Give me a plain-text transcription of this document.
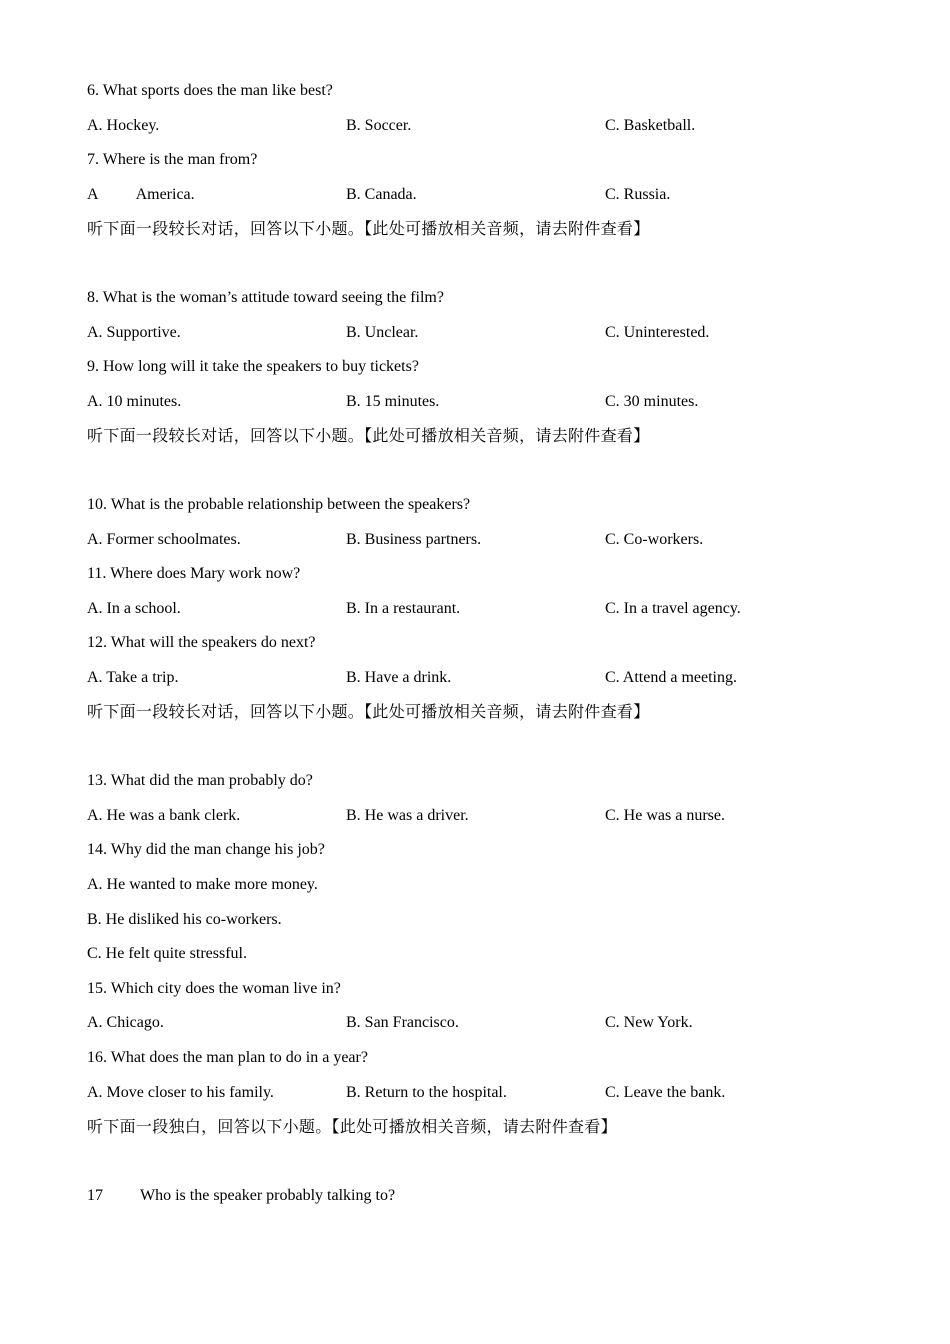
6. What sports does the man like best?
A. Hockey.	B. Soccer.	C. Basketball.
7. Where is the man from?
A America.	B. Canada.	C. Russia.
听下面一段较长对话，回答以下小题。【此处可播放相关音频，请去附件查看】
8. What is the woman’s attitude toward seeing the film?
A. Supportive.	B. Unclear.	C. Uninterested.
9. How long will it take the speakers to buy tickets?
A. 10 minutes.	B. 15 minutes.	C. 30 minutes.
听下面一段较长对话，回答以下小题。【此处可播放相关音频，请去附件查看】
10. What is the probable relationship between the speakers?
A. Former schoolmates.	B. Business partners.	C. Co-workers.
11. Where does Mary work now?
A. In a school.	B. In a restaurant.	C. In a travel agency.
12. What will the speakers do next?
A. Take a trip.	B. Have a drink.	C. Attend a meeting.
听下面一段较长对话，回答以下小题。【此处可播放相关音频，请去附件查看】
13. What did the man probably do?
A. He was a bank clerk.	B. He was a driver.	C. He was a nurse.
14. Why did the man change his job?
A. He wanted to make more money.
B. He disliked his co-workers.
C. He felt quite stressful.
15. Which city does the woman live in?
A. Chicago.	B. San Francisco.	C. New York.
16. What does the man plan to do in a year?
A. Move closer to his family.	B. Return to the hospital.	C. Leave the bank.
听下面一段独白，回答以下小题。【此处可播放相关音频，请去附件查看】
17 Who is the speaker probably talking to?
